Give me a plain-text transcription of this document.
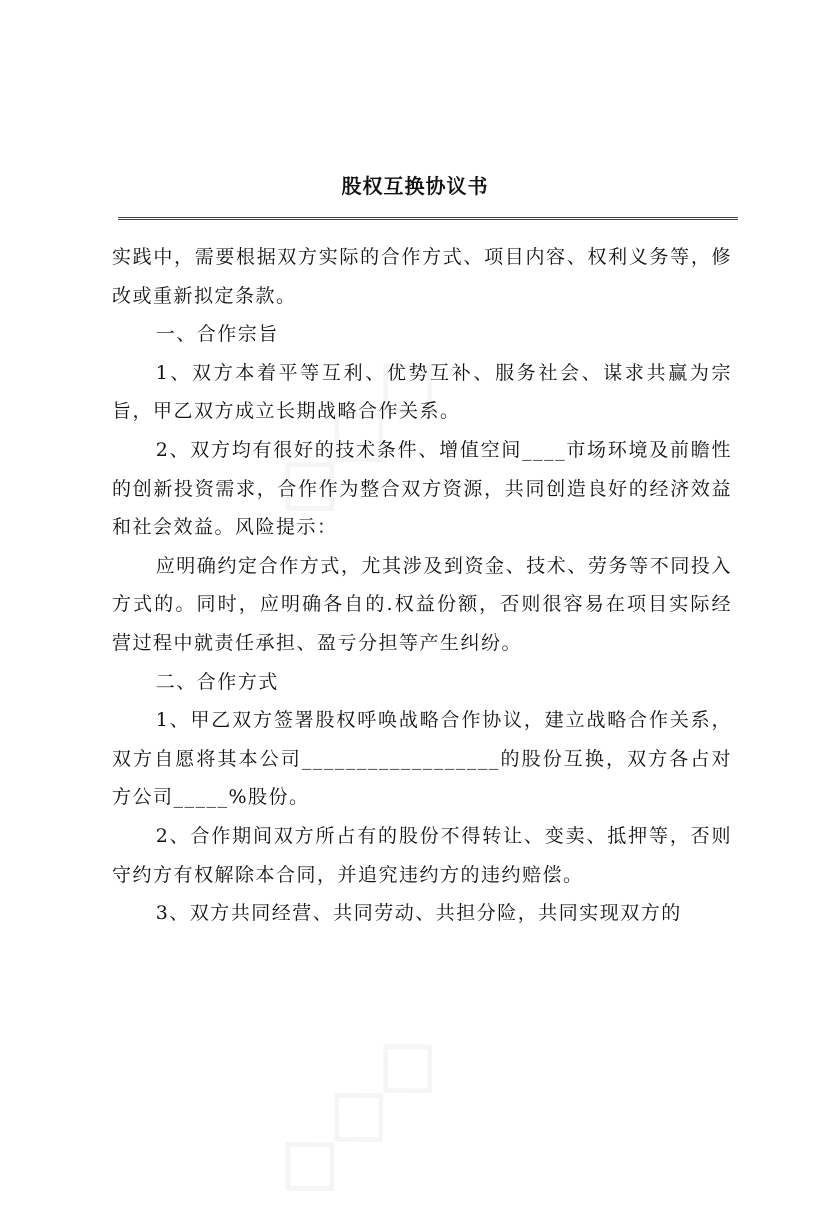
股权互换协议书

实践中，需要根据双方实际的合作方式、项目内容、权利义务等，修改或重新拟定条款。

一、合作宗旨

1、双方本着平等互利、优势互补、服务社会、谋求共赢为宗旨，甲乙双方成立长期战略合作关系。

2、双方均有很好的技术条件、增值空间____市场环境及前瞻性的创新投资需求，合作作为整合双方资源，共同创造良好的经济效益和社会效益。风险提示：

应明确约定合作方式，尤其涉及到资金、技术、劳务等不同投入方式的。同时，应明确各自的.权益份额，否则很容易在项目实际经营过程中就责任承担、盈亏分担等产生纠纷。

二、合作方式

1、甲乙双方签署股权呼唤战略合作协议，建立战略合作关系，双方自愿将其本公司__________________的股份互换，双方各占对方公司_____%股份。

2、合作期间双方所占有的股份不得转让、变卖、抵押等，否则守约方有权解除本合同，并追究违约方的违约赔偿。

3、双方共同经营、共同劳动、共担分险，共同实现双方的
